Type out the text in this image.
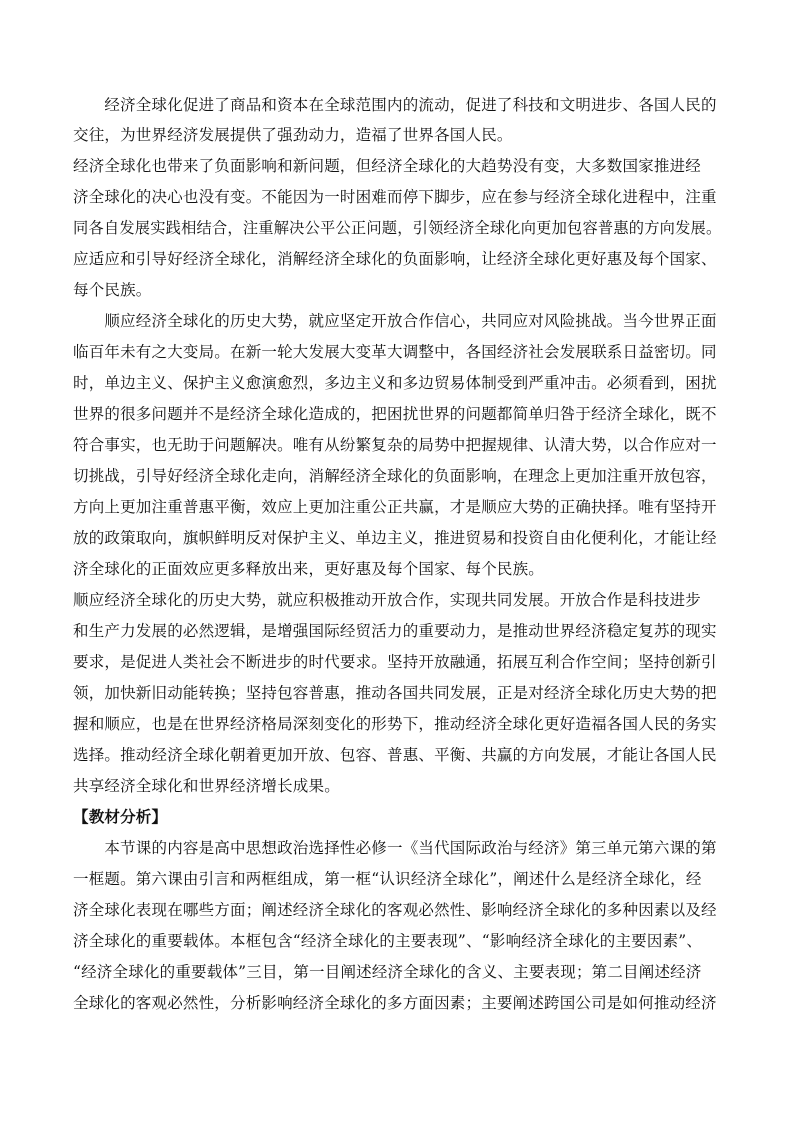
　　经济全球化促进了商品和资本在全球范围内的流动，促进了科技和文明进步、各国人民的
交往，为世界经济发展提供了强劲动力，造福了世界各国人民。
经济全球化也带来了负面影响和新问题，但经济全球化的大趋势没有变，大多数国家推进经
济全球化的决心也没有变。不能因为一时困难而停下脚步，应在参与经济全球化进程中，注重
同各自发展实践相结合，注重解决公平公正问题，引领经济全球化向更加包容普惠的方向发展。
应适应和引导好经济全球化，消解经济全球化的负面影响，让经济全球化更好惠及每个国家、
每个民族。
　　顺应经济全球化的历史大势，就应坚定开放合作信心，共同应对风险挑战。当今世界正面
临百年未有之大变局。在新一轮大发展大变革大调整中，各国经济社会发展联系日益密切。同
时，单边主义、保护主义愈演愈烈，多边主义和多边贸易体制受到严重冲击。必须看到，困扰
世界的很多问题并不是经济全球化造成的，把困扰世界的问题都简单归咎于经济全球化，既不
符合事实，也无助于问题解决。唯有从纷繁复杂的局势中把握规律、认清大势，以合作应对一
切挑战，引导好经济全球化走向，消解经济全球化的负面影响，在理念上更加注重开放包容，
方向上更加注重普惠平衡，效应上更加注重公正共赢，才是顺应大势的正确抉择。唯有坚持开
放的政策取向，旗帜鲜明反对保护主义、单边主义，推进贸易和投资自由化便利化，才能让经
济全球化的正面效应更多释放出来，更好惠及每个国家、每个民族。
顺应经济全球化的历史大势，就应积极推动开放合作，实现共同发展。开放合作是科技进步
和生产力发展的必然逻辑，是增强国际经贸活力的重要动力，是推动世界经济稳定复苏的现实
要求，是促进人类社会不断进步的时代要求。坚持开放融通，拓展互利合作空间；坚持创新引
领，加快新旧动能转换；坚持包容普惠，推动各国共同发展，正是对经济全球化历史大势的把
握和顺应，也是在世界经济格局深刻变化的形势下，推动经济全球化更好造福各国人民的务实
选择。推动经济全球化朝着更加开放、包容、普惠、平衡、共赢的方向发展，才能让各国人民
共享经济全球化和世界经济增长成果。
【教材分析】
　　本节课的内容是高中思想政治选择性必修一《当代国际政治与经济》第三单元第六课的第
一框题。第六课由引言和两框组成，第一框“认识经济全球化”，阐述什么是经济全球化，经
济全球化表现在哪些方面；阐述经济全球化的客观必然性、影响经济全球化的多种因素以及经
济全球化的重要载体。本框包含“经济全球化的主要表现”、“影响经济全球化的主要因素”、
“经济全球化的重要载体”三目，第一目阐述经济全球化的含义、主要表现；第二目阐述经济
全球化的客观必然性，分析影响经济全球化的多方面因素；主要阐述跨国公司是如何推动经济
